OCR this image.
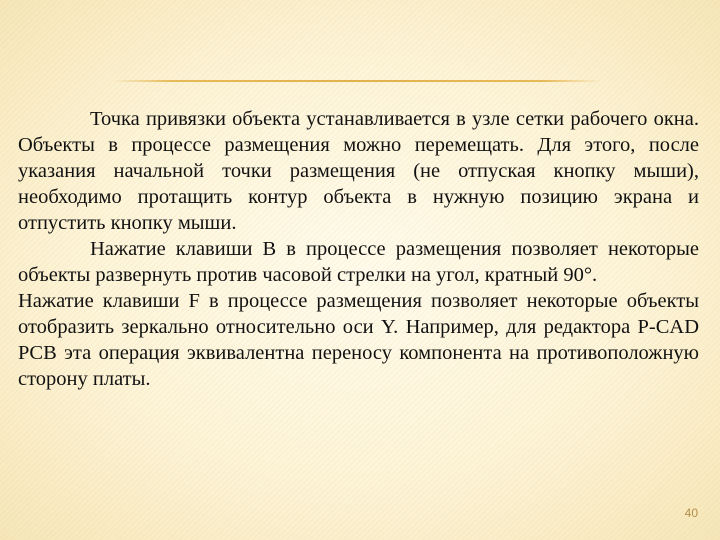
Точка привязки объекта устанавливается в узле сетки рабочего окна. Объекты в процессе размещения можно перемещать. Для этого, после указания начальной точки размещения (не отпуская кнопку мыши), необходимо протащить контур объекта в нужную позицию экрана и отпустить кнопку мыши.

Нажатие клавиши В в процессе размещения позволяет некоторые объекты развернуть против часовой стрелки на угол, кратный 90°.

Нажатие клавиши F в процессе размещения позволяет некоторые объекты отобразить зеркально относительно оси Y. Например, для редактора P-CAD PCB эта операция эквивалентна переносу компонента на противоположную сторону платы.

40
